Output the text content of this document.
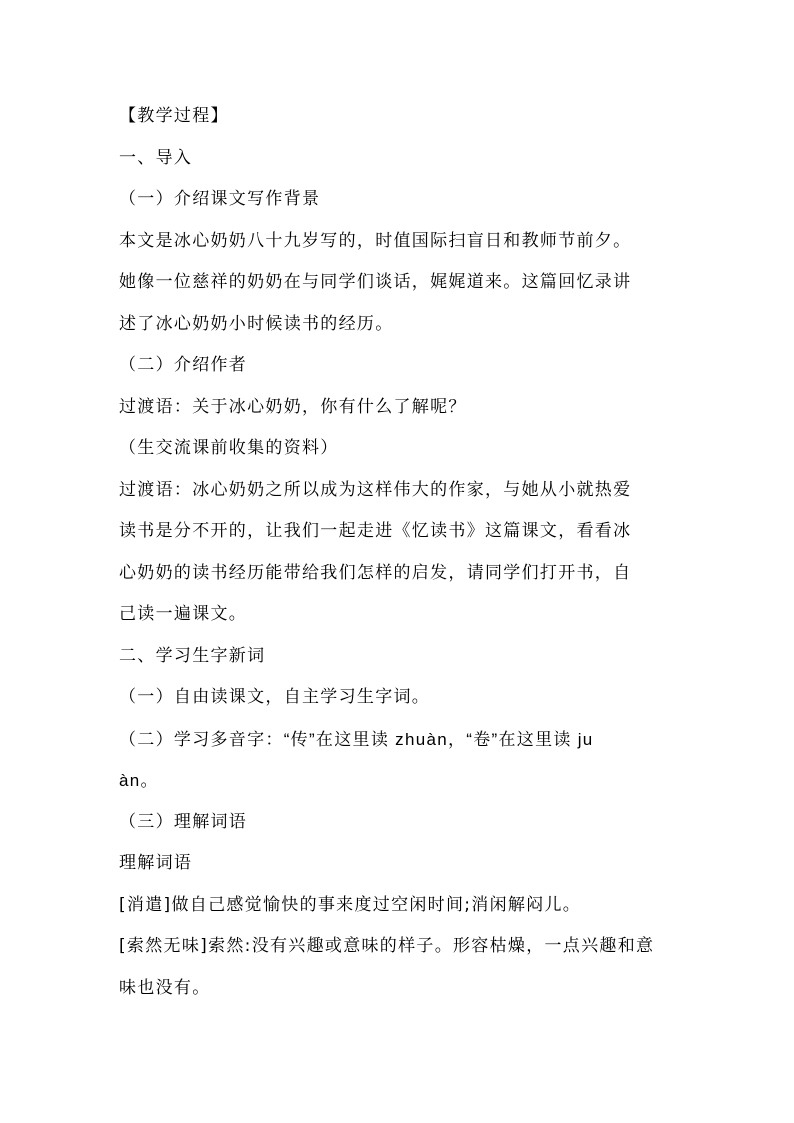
【教学过程】
一、导入
（一）介绍课文写作背景
本文是冰心奶奶八十九岁写的，时值国际扫盲日和教师节前夕。
她像一位慈祥的奶奶在与同学们谈话，娓娓道来。这篇回忆录讲
述了冰心奶奶小时候读书的经历。
（二）介绍作者
过渡语：关于冰心奶奶，你有什么了解呢？
（生交流课前收集的资料）
过渡语：冰心奶奶之所以成为这样伟大的作家，与她从小就热爱
读书是分不开的，让我们一起走进《忆读书》这篇课文，看看冰
心奶奶的读书经历能带给我们怎样的启发，请同学们打开书，自
己读一遍课文。
二、学习生字新词
（一）自由读课文，自主学习生字词。
（二）学习多音字：“传”在这里读 zhuàn，“卷”在这里读 ju
àn。
（三）理解词语
理解词语
[消遣]做自己感觉愉快的事来度过空闲时间;消闲解闷儿。
[索然无味]索然:没有兴趣或意味的样子。形容枯燥，一点兴趣和意
味也没有。
